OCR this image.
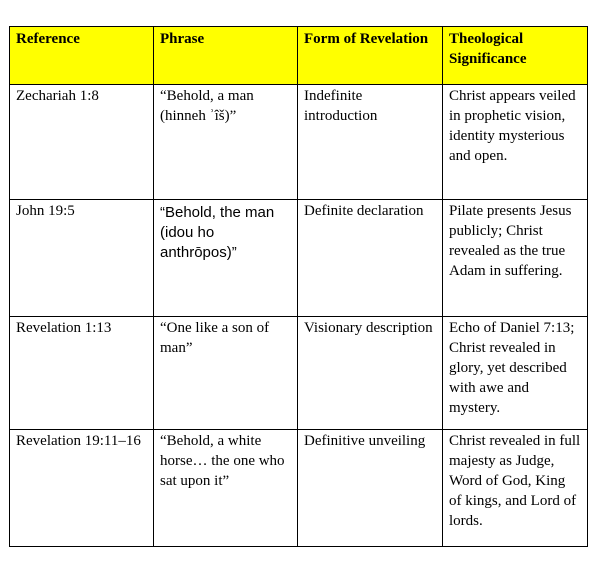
Reference	Phrase	Form of Revelation	Theological Significance
Zechariah 1:8	“Behold, a man (hinneh ʾîš)”	Indefinite introduction	Christ appears veiled in prophetic vision, identity mysterious and open.
John 19:5	“Behold, the man (idou ho anthrōpos)”	Definite declaration	Pilate presents Jesus publicly; Christ revealed as the true Adam in suffering.
Revelation 1:13	“One like a son of man”	Visionary description	Echo of Daniel 7:13; Christ revealed in glory, yet described with awe and mystery.
Revelation 19:11–16	“Behold, a white horse… the one who sat upon it”	Definitive unveiling	Christ revealed in full majesty as Judge, Word of God, King of kings, and Lord of lords.
